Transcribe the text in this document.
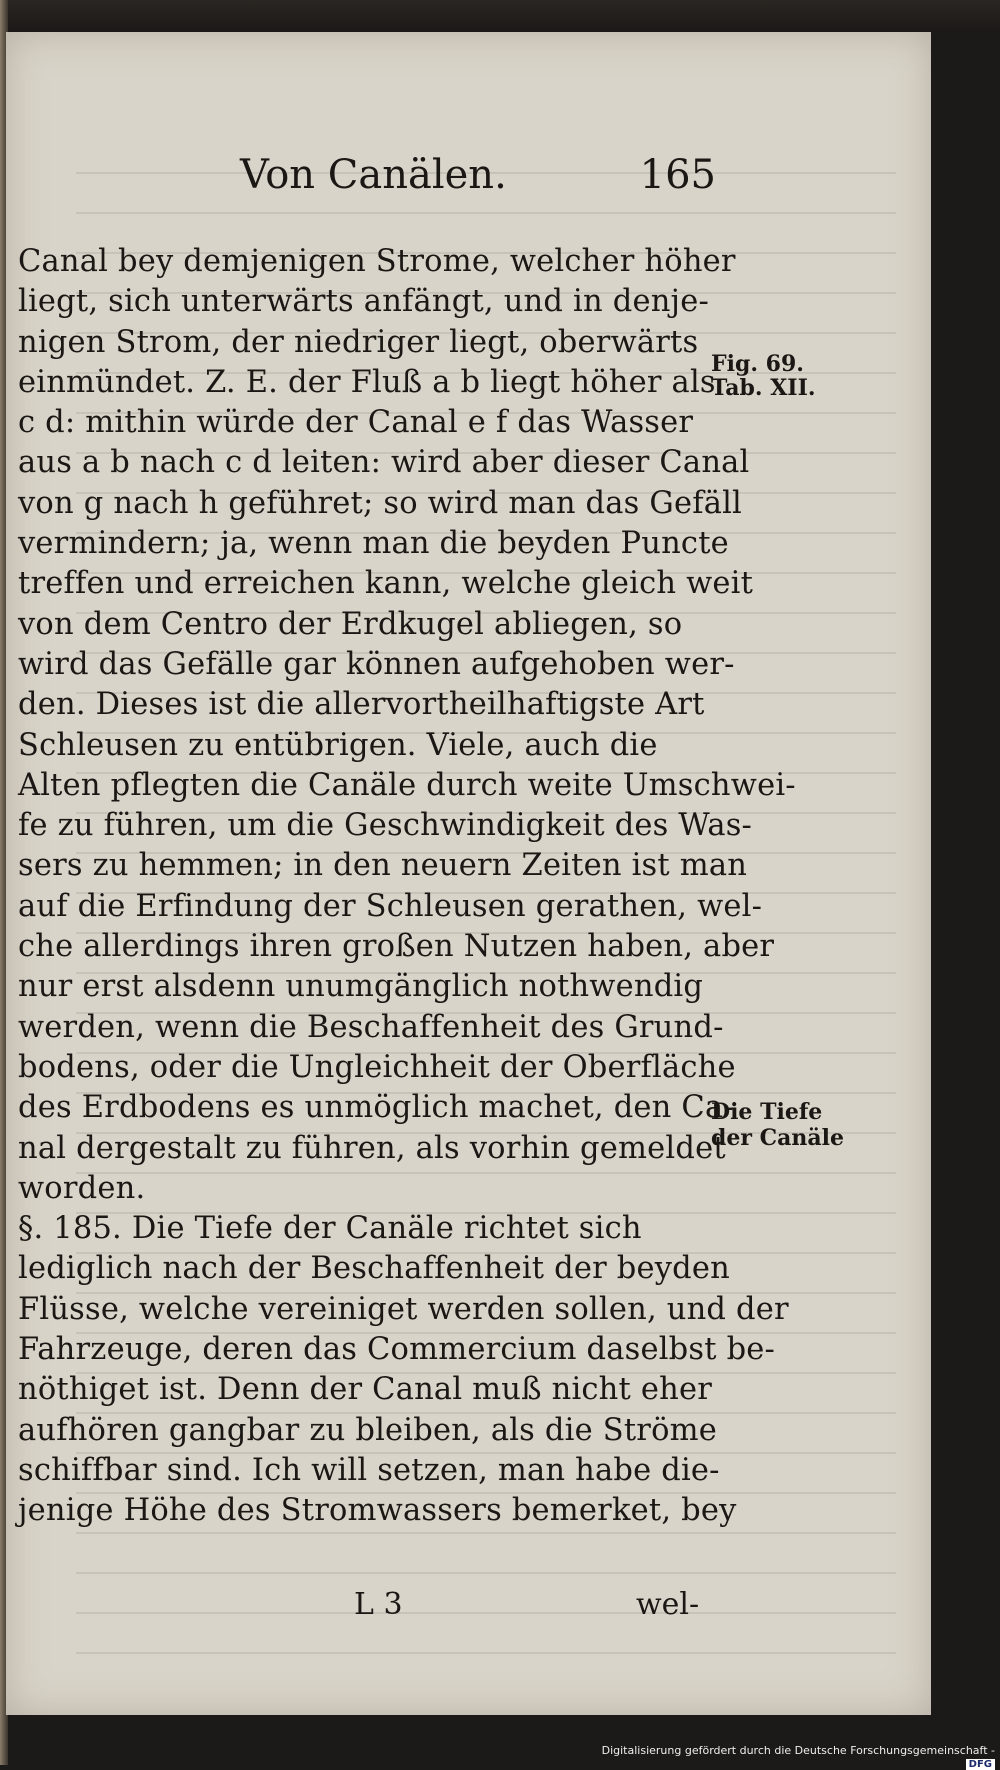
Von Canälen.	165
Canal bey demjenigen Strome, welcher höher
liegt, sich unterwärts anfängt, und in denje-
nigen Strom, der niedriger liegt, oberwärts
einmündet. Z. E. der Fluß a b liegt höher als
c d: mithin würde der Canal e f das Wasser
aus a b nach c d leiten: wird aber dieser Canal
von g nach h geführet; so wird man das Gefäll
vermindern; ja, wenn man die beyden Puncte
treffen und erreichen kann, welche gleich weit
von dem Centro der Erdkugel abliegen, so
wird das Gefälle gar können aufgehoben wer-
den. Dieses ist die allervortheilhaftigste Art
Schleusen zu entübrigen. Viele, auch die
Alten pflegten die Canäle durch weite Umschwei-
fe zu führen, um die Geschwindigkeit des Was-
sers zu hemmen; in den neuern Zeiten ist man
auf die Erfindung der Schleusen gerathen, wel-
che allerdings ihren großen Nutzen haben, aber
nur erst alsdenn unumgänglich nothwendig
werden, wenn die Beschaffenheit des Grund-
bodens, oder die Ungleichheit der Oberfläche
des Erdbodens es unmöglich machet, den Ca-
nal dergestalt zu führen, als vorhin gemeldet
worden.
§. 185. Die Tiefe der Canäle richtet sich
lediglich nach der Beschaffenheit der beyden
Flüsse, welche vereiniget werden sollen, und der
Fahrzeuge, deren das Commercium daselbst be-
nöthiget ist. Denn der Canal muß nicht eher
aufhören gangbar zu bleiben, als die Ströme
schiffbar sind. Ich will setzen, man habe die-
jenige Höhe des Stromwassers bemerket, bey
Fig. 69.
Tab. XII.
Die Tiefe
der Canäle
L 3	wel-
Digitalisierung gefördert durch die Deutsche Forschungsgemeinschaft -DFG
